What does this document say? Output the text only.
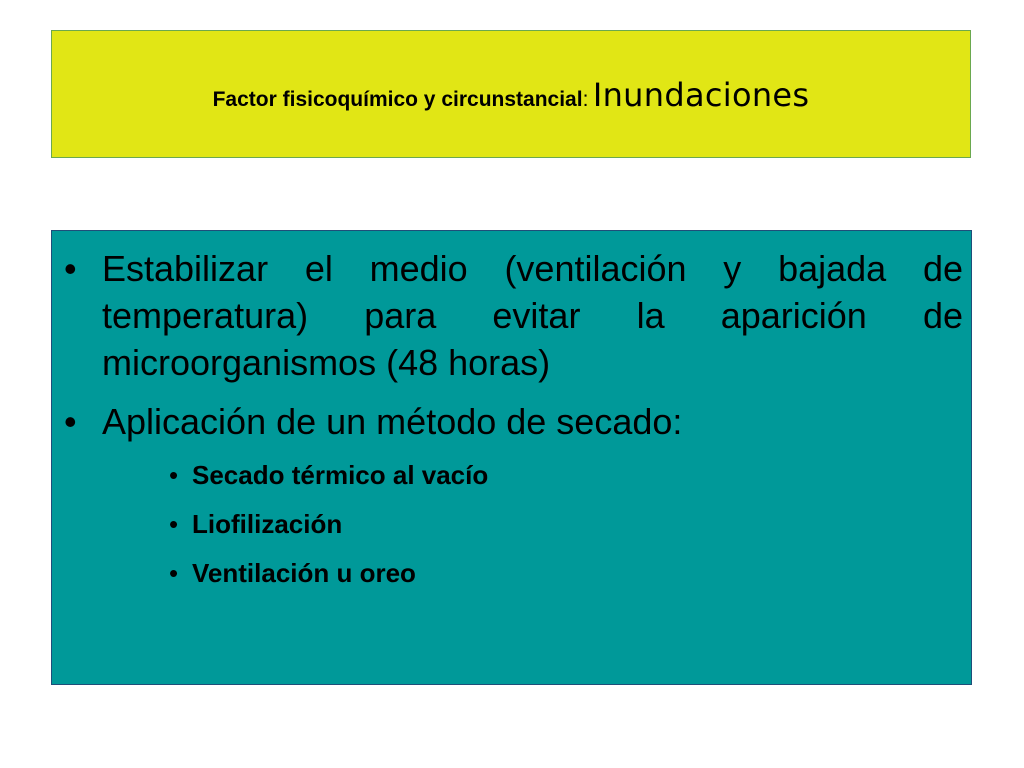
Factor fisicoquímico y circunstancial: Inundaciones
• Estabilizar el medio (ventilación y bajada de temperatura) para evitar la aparición de microorganismos (48 horas)
• Aplicación de un método de secado:
• Secado térmico al vacío
• Liofilización
• Ventilación u oreo
